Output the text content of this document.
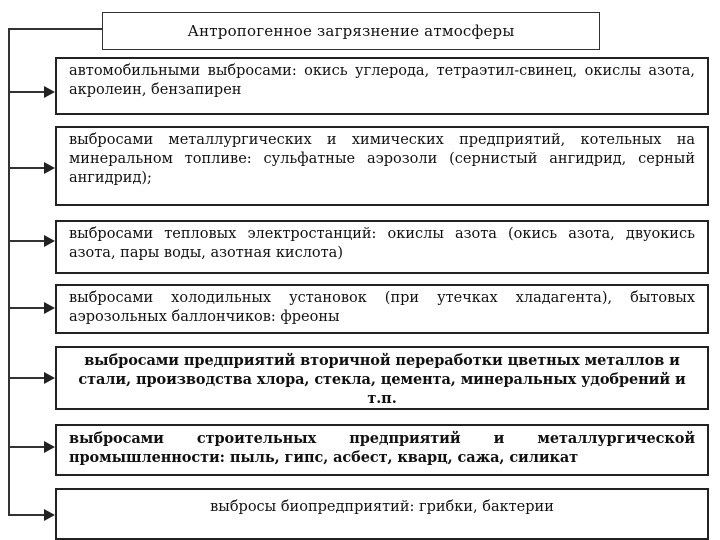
Антропогенное загрязнение атмосферы
автомобильными выбросами: окись углерода, тетраэтил-свинец, окислы азота, акролеин, бензапирен
выбросами металлургических и химических предприятий, котельных на минеральном топливе: сульфатные аэрозоли (сернистый ангидрид, серный ангидрид);
выбросами тепловых электростанций: окислы азота (окись азота, двуокись азота, пары воды, азотная кислота)
выбросами холодильных установок (при утечках хладагента), бытовых аэрозольных баллончиков: фреоны
выбросами предприятий вторичной переработки цветных металлов и стали, производства хлора, стекла, цемента, минеральных удобрений и т.п.
выбросами строительных предприятий и металлургической промышленности: пыль, гипс, асбест, кварц, сажа, силикат
выбросы биопредприятий: грибки, бактерии
